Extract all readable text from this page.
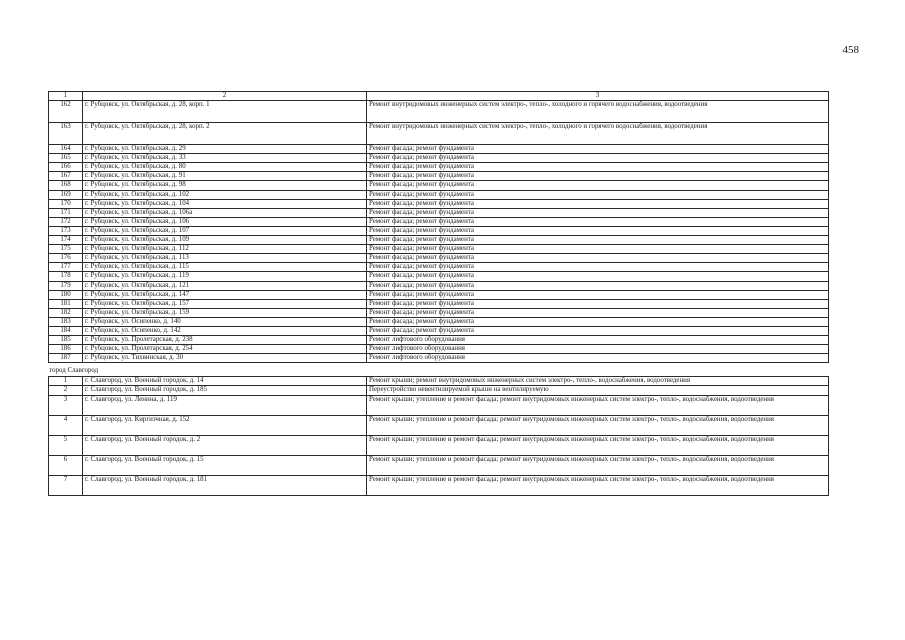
458
1	2	3
162	г. Рубцовск, ул. Октябрьская, д. 28, корп. 1	Ремонт внутридомовых инженерных систем электро-, тепло-, холодного и горячего водоснабжения, водоотведения
163	г. Рубцовск, ул. Октябрьская, д. 28, корп. 2	Ремонт внутридомовых инженерных систем электро-, тепло-, холодного и горячего водоснабжения, водоотведения
164	г. Рубцовск, ул. Октябрьская, д. 29	Ремонт фасада; ремонт фундамента
165	г. Рубцовск, ул. Октябрьская, д. 33	Ремонт фасада; ремонт фундамента
166	г. Рубцовск, ул. Октябрьская, д. 80	Ремонт фасада; ремонт фундамента
167	г. Рубцовск, ул. Октябрьская, д. 91	Ремонт фасада; ремонт фундамента
168	г. Рубцовск, ул. Октябрьская, д. 98	Ремонт фасада; ремонт фундамента
169	г. Рубцовск, ул. Октябрьская, д. 102	Ремонт фасада; ремонт фундамента
170	г. Рубцовск, ул. Октябрьская, д. 104	Ремонт фасада; ремонт фундамента
171	г. Рубцовск, ул. Октябрьская, д. 106а	Ремонт фасада; ремонт фундамента
172	г. Рубцовск, ул. Октябрьская, д. 106	Ремонт фасада; ремонт фундамента
173	г. Рубцовск, ул. Октябрьская, д. 107	Ремонт фасада; ремонт фундамента
174	г. Рубцовск, ул. Октябрьская, д. 109	Ремонт фасада; ремонт фундамента
175	г. Рубцовск, ул. Октябрьская, д. 112	Ремонт фасада; ремонт фундамента
176	г. Рубцовск, ул. Октябрьская, д. 113	Ремонт фасада; ремонт фундамента
177	г. Рубцовск, ул. Октябрьская, д. 115	Ремонт фасада; ремонт фундамента
178	г. Рубцовск, ул. Октябрьская, д. 119	Ремонт фасада; ремонт фундамента
179	г. Рубцовск, ул. Октябрьская, д. 121	Ремонт фасада; ремонт фундамента
180	г. Рубцовск, ул. Октябрьская, д. 147	Ремонт фасада; ремонт фундамента
181	г. Рубцовск, ул. Октябрьская, д. 157	Ремонт фасада; ремонт фундамента
182	г. Рубцовск, ул. Октябрьская, д. 159	Ремонт фасада; ремонт фундамента
183	г. Рубцовск, ул. Осипенко, д. 140	Ремонт фасада; ремонт фундамента
184	г. Рубцовск, ул. Осипенко, д. 142	Ремонт фасада; ремонт фундамента
185	г. Рубцовск, ул. Пролетарская, д. 238	Ремонт лифтового оборудования
186	г. Рубцовск, ул. Пролетарская, д. 254	Ремонт лифтового оборудования
187	г. Рубцовск, ул. Тихвинская, д. 30	Ремонт лифтового оборудования
город Славгород		
1	г. Славгород, ул. Военный городок, д. 14	Ремонт крыши; ремонт внутридомовых инженерных систем электро-, тепло-, водоснабжения, водоотведения
2	г. Славгород, ул. Военный городок, д. 185	Переустройство невентилируемой крыши на вентилируемую
3	г. Славгород, ул. Ленина, д. 119	Ремонт крыши; утепление и ремонт фасада; ремонт внутридомовых инженерных систем электро-, тепло-, водоснабжения, водоотведения
4	г. Славгород, ул. Киргизчная, д. 152	Ремонт крыши; утепление и ремонт фасада; ремонт внутридомовых инженерных систем электро-, тепло-, водоснабжения, водоотведения
5	г. Славгород, ул. Военный городок, д. 2	Ремонт крыши; утепление и ремонт фасада; ремонт внутридомовых инженерных систем электро-, тепло-, водоснабжения, водоотведения
6	г. Славгород, ул. Военный городок, д. 15	Ремонт крыши; утепление и ремонт фасада; ремонт внутридомовых инженерных систем электро-, тепло-, водоснабжения, водоотведения
7	г. Славгород, ул. Военный городок, д. 181	Ремонт крыши; утепление и ремонт фасада; ремонт внутридомовых инженерных систем электро-, тепло-, водоснабжения, водоотведения
